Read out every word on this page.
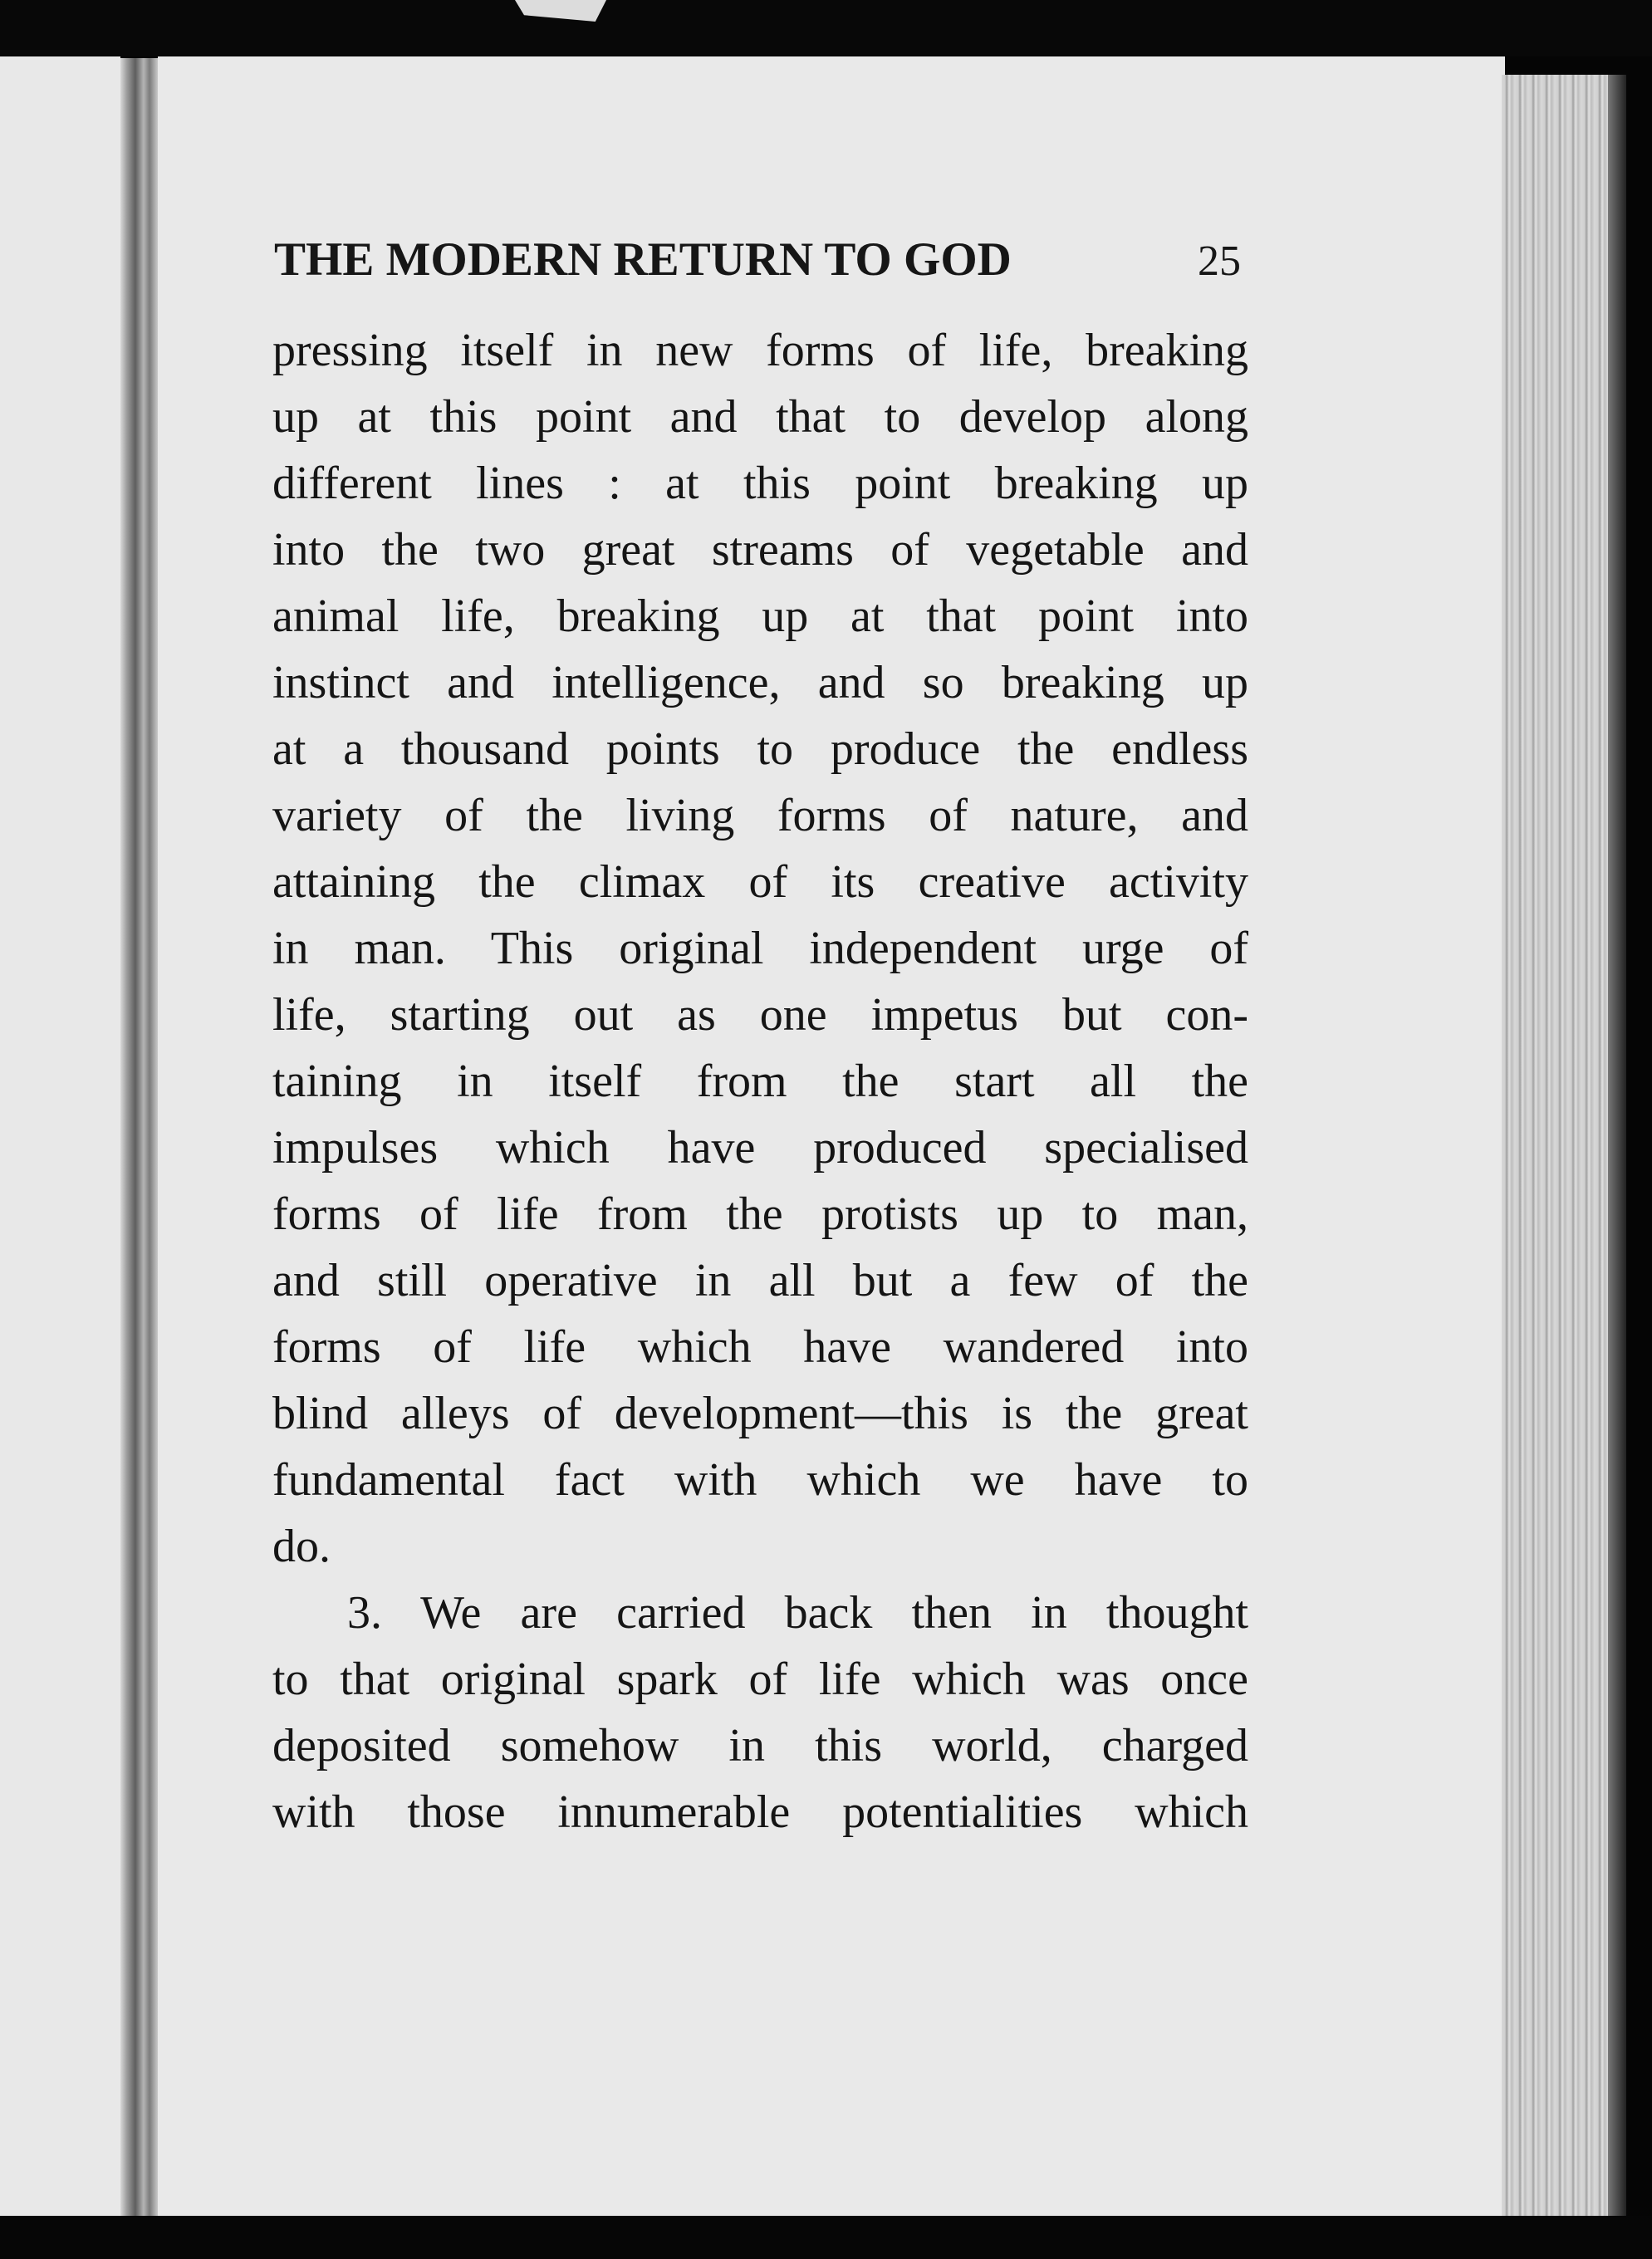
THE MODERN RETURN TO GOD	25
pressing itself in new forms of life, breaking
up at this point and that to develop along
different lines : at this point breaking up
into the two great streams of vegetable and
animal life, breaking up at that point into
instinct and intelligence, and so breaking up
at a thousand points to produce the endless
variety of the living forms of nature, and
attaining the climax of its creative activity
in man. This original independent urge of
life, starting out as one impetus but con-
taining in itself from the start all the
impulses which have produced specialised
forms of life from the protists up to man,
and still operative in all but a few of the
forms of life which have wandered into
blind alleys of development—this is the great
fundamental fact with which we have to
do.
3. We are carried back then in thought
to that original spark of life which was once
deposited somehow in this world, charged
with those innumerable potentialities which
